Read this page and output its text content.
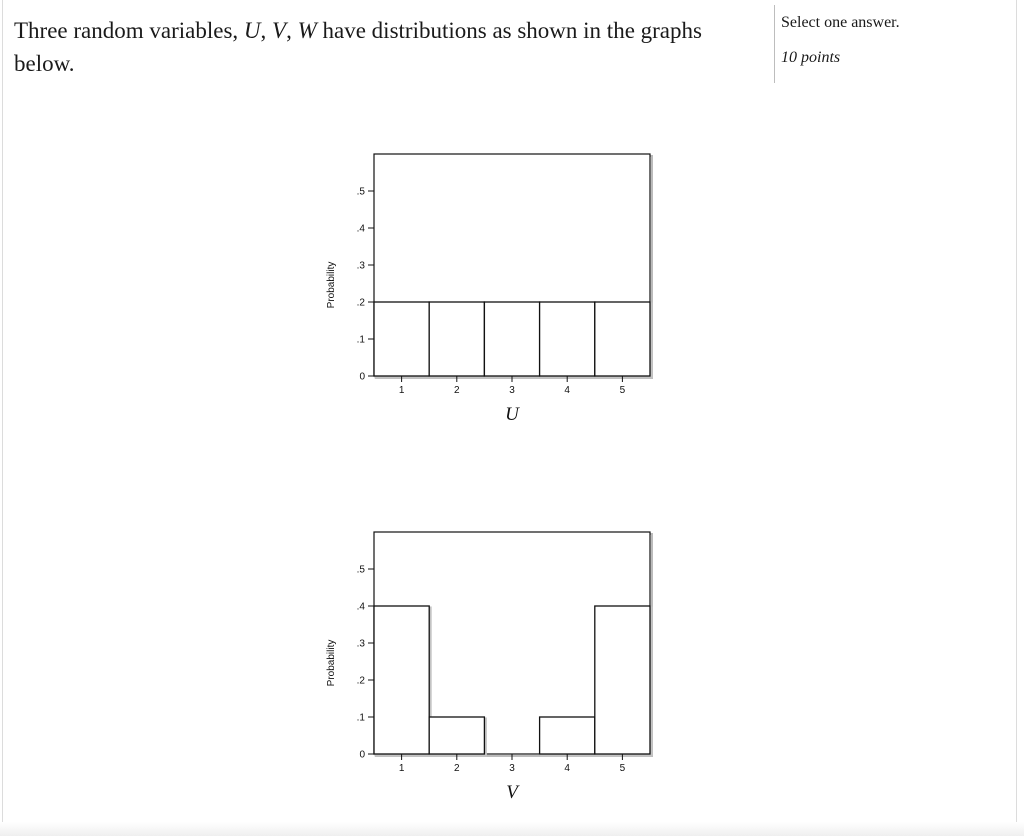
Three random variables, U, V, W have distributions as shown in the graphs below.
Select one answer.
10 points
1	2	3	4	5
0
.1
.2
.3
.4
.5
Probability
U
1	2	3	4	5
0
.1
.2
.3
.4
.5
Probability
V
